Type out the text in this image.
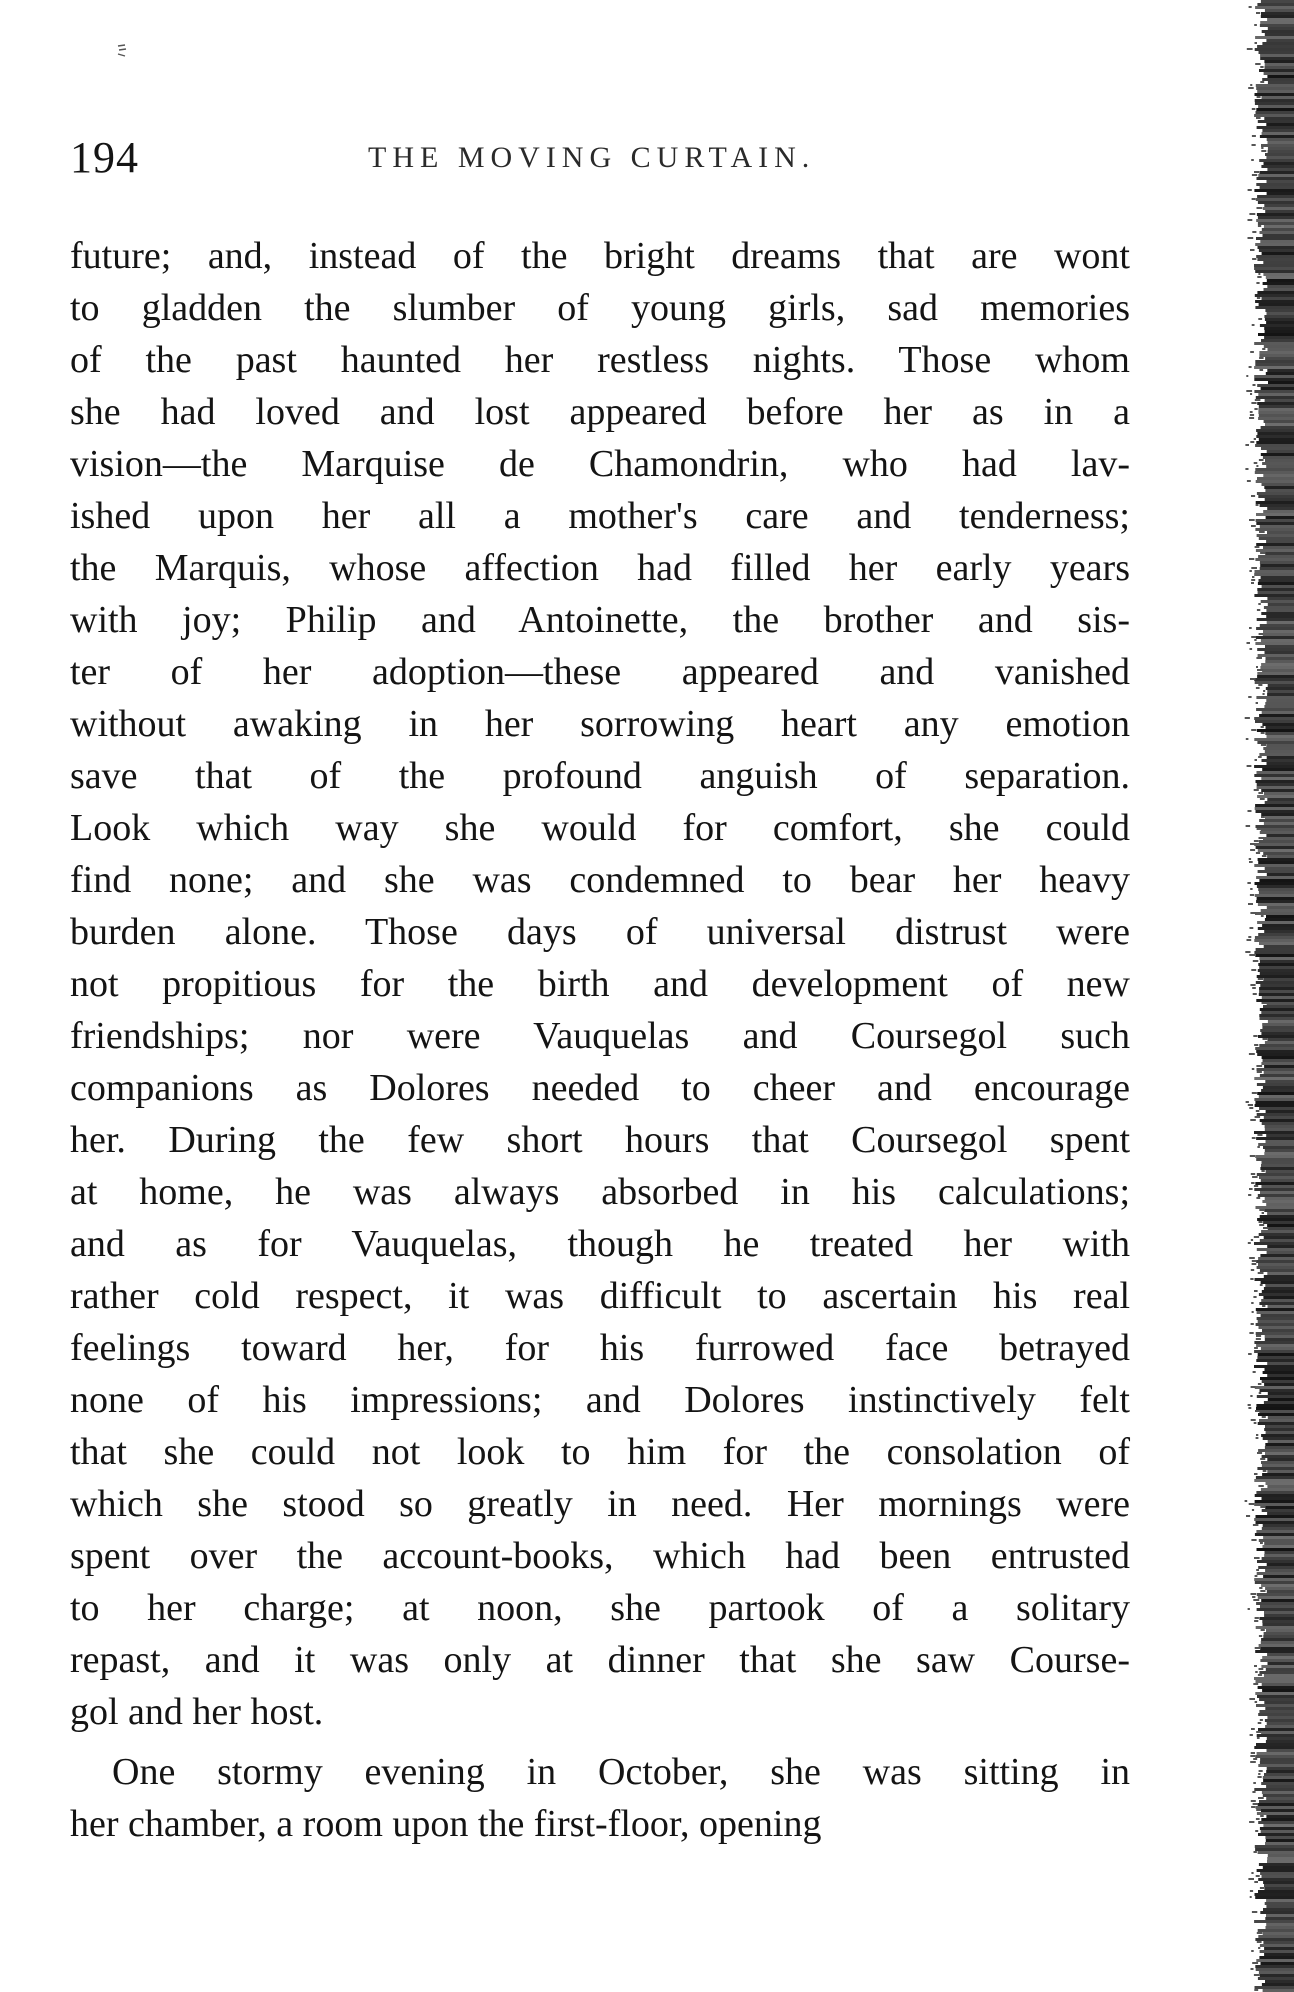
194	THE MOVING CURTAIN.
future; and, instead of the bright dreams that are wont
to gladden the slumber of young girls, sad memories
of the past haunted her restless nights. Those whom
she had loved and lost appeared before her as in a
vision—the Marquise de Chamondrin, who had lav-
ished upon her all a mother's care and tenderness;
the Marquis, whose affection had filled her early years
with joy; Philip and Antoinette, the brother and sis-
ter of her adoption—these appeared and vanished
without awaking in her sorrowing heart any emotion
save that of the profound anguish of separation.
Look which way she would for comfort, she could
find none; and she was condemned to bear her heavy
burden alone. Those days of universal distrust were
not propitious for the birth and development of new
friendships; nor were Vauquelas and Coursegol such
companions as Dolores needed to cheer and encourage
her. During the few short hours that Coursegol spent
at home, he was always absorbed in his calculations;
and as for Vauquelas, though he treated her with
rather cold respect, it was difficult to ascertain his real
feelings toward her, for his furrowed face betrayed
none of his impressions; and Dolores instinctively felt
that she could not look to him for the consolation of
which she stood so greatly in need. Her mornings were
spent over the account-books, which had been entrusted
to her charge; at noon, she partook of a solitary
repast, and it was only at dinner that she saw Course-
gol and her host.
One stormy evening in October, she was sitting in
her chamber, a room upon the first-floor, opening
